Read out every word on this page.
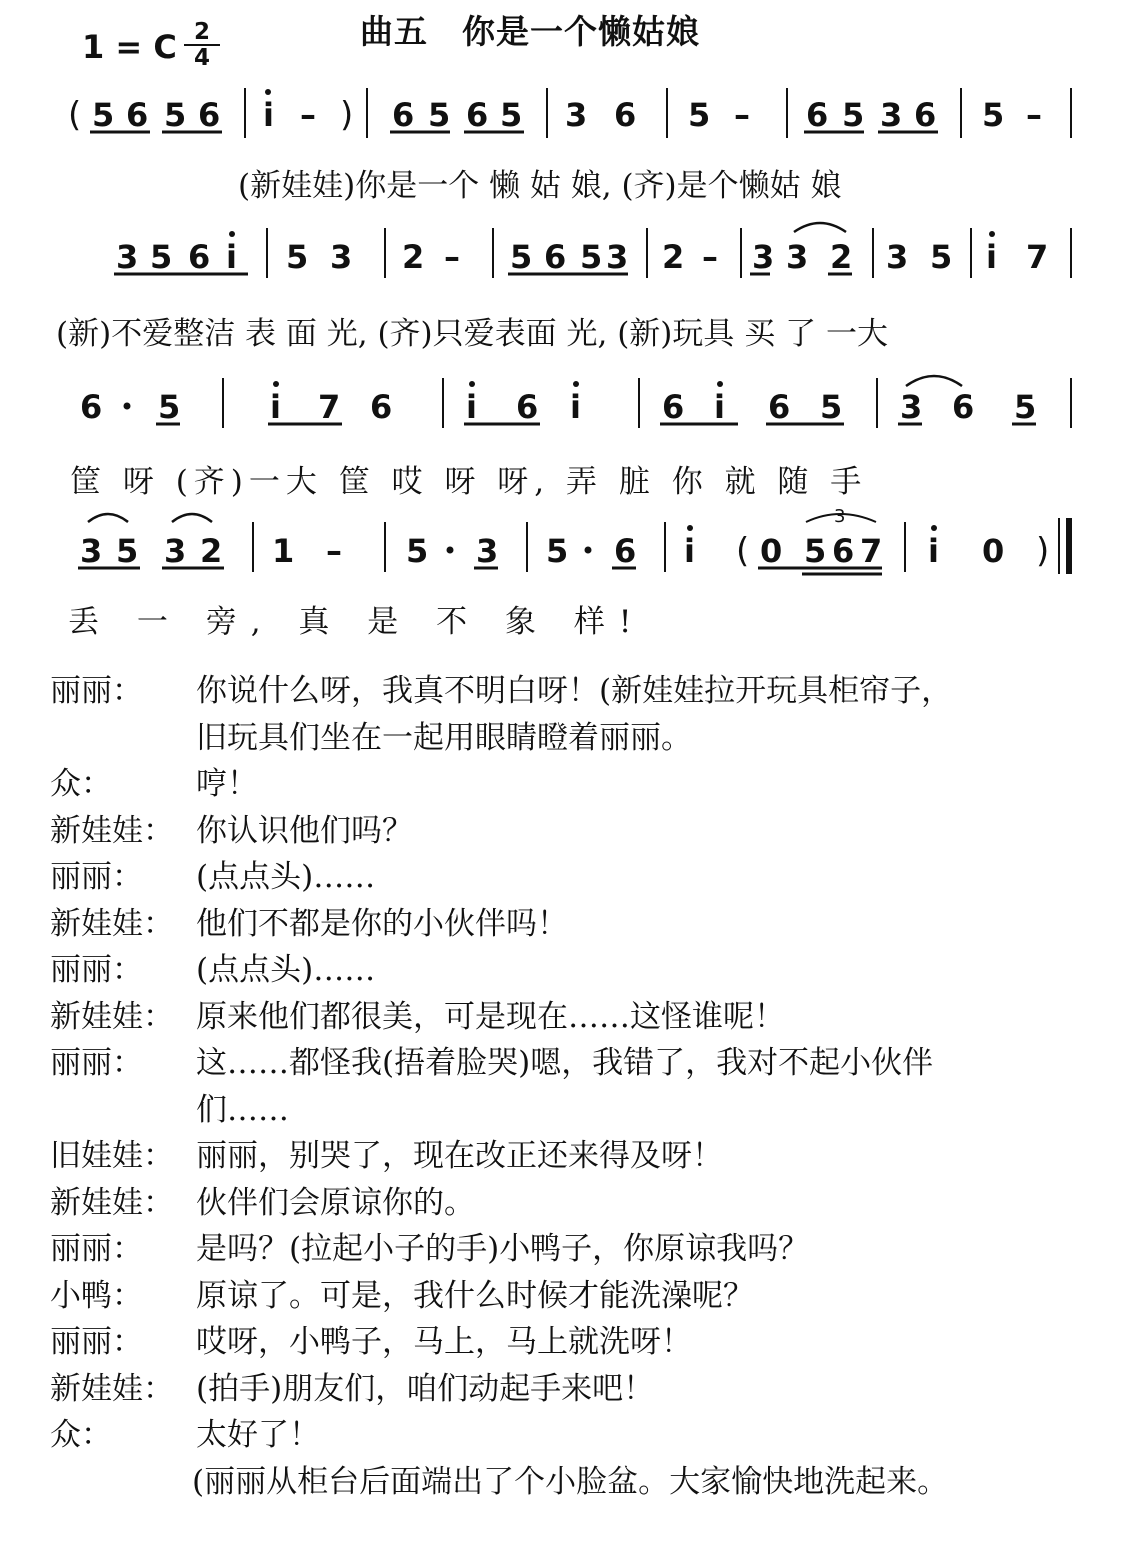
1 = C $\frac{2}{4}$	曲五　你是一个懒姑娘
( 5 6 5 6 i – ) 6 5 6 5 3 6 5 – 6 5 3 6 5 –
3 5 6 i 5 3 2 – 5 6 5 3 2 – 3 3 2 3 5 i 7
6 5	i 7 6 i 6 i	6 i 6 5 3 6 5
3 5 3 2 1 – 5 3 5 6 i ( 0 5 6 7
3
i 0 )
(新娃娃)你是一个 懒 姑 娘, (齐)是个懒姑 娘
(新)不爱整洁 表 面 光, (齐)只爱表面 光, (新)玩具 买 了 一大
筐 呀 (齐)一大 筐 哎 呀 呀, 弄 脏 你 就 随 手
丢 一 旁, 真 是 不 象 样!
丽丽： 你说什么呀，我真不明白呀！(新娃娃拉开玩具柜帘子，
旧玩具们坐在一起用眼睛瞪着丽丽。
众：	哼！
新娃娃： 你认识他们吗？
丽丽： (点点头)……
新娃娃： 他们不都是你的小伙伴吗！
丽丽： (点点头)……
新娃娃： 原来他们都很美，可是现在……这怪谁呢！
丽丽： 这……都怪我(捂着脸哭)嗯，我错了，我对不起小伙伴
们……
旧娃娃： 丽丽，别哭了，现在改正还来得及呀！
新娃娃： 伙伴们会原谅你的。
丽丽： 是吗？(拉起小子的手)小鸭子，你原谅我吗？
小鸭： 原谅了。可是，我什么时候才能洗澡呢？
丽丽： 哎呀，小鸭子，马上，马上就洗呀！
新娃娃： (拍手)朋友们，咱们动起手来吧！
众：	太好了！
(丽丽从柜台后面端出了个小脸盆。大家愉快地洗起来。
